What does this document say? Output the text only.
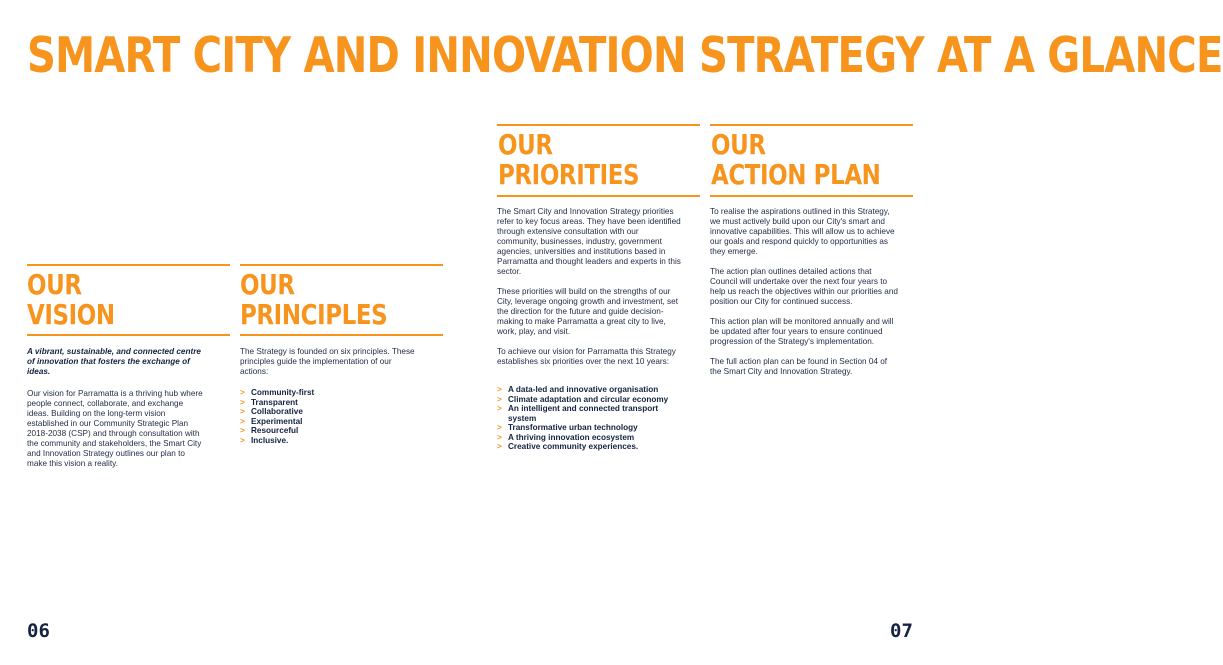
SMART CITY AND INNOVATION STRATEGY AT A GLANCE
OUR
VISION

A vibrant, sustainable, and connected centre of innovation that fosters the exchange of ideas.

Our vision for Parramatta is a thriving hub where people connect, collaborate, and exchange ideas. Building on the long-term vision established in our Community Strategic Plan 2018-2038 (CSP) and through consultation with the community and stakeholders, the Smart City and Innovation Strategy outlines our plan to make this vision a reality.

OUR
PRINCIPLES

The Strategy is founded on six principles. These principles guide the implementation of our actions:

> Community-first
> Transparent
> Collaborative
> Experimental
> Resourceful
> Inclusive.
OUR
PRIORITIES

The Smart City and Innovation Strategy priorities refer to key focus areas. They have been identified through extensive consultation with our community, businesses, industry, government agencies, universities and institutions based in Parramatta and thought leaders and experts in this sector.

These priorities will build on the strengths of our City, leverage ongoing growth and investment, set the direction for the future and guide decision-making to make Parramatta a great city to live, work, play, and visit.

To achieve our vision for Parramatta this Strategy establishes six priorities over the next 10 years:

> A data-led and innovative organisation
> Climate adaptation and circular economy
> An intelligent and connected transport system
> Transformative urban technology
> A thriving innovation ecosystem
> Creative community experiences.
OUR
ACTION PLAN

To realise the aspirations outlined in this Strategy, we must actively build upon our City's smart and innovative capabilities. This will allow us to achieve our goals and respond quickly to opportunities as they emerge.

The action plan outlines detailed actions that Council will undertake over the next four years to help us reach the objectives within our priorities and position our City for continued success.

This action plan will be monitored annually and will be updated after four years to ensure continued progression of the Strategy's implementation.

The full action plan can be found in Section 04 of the Smart City and Innovation Strategy.

06	07
